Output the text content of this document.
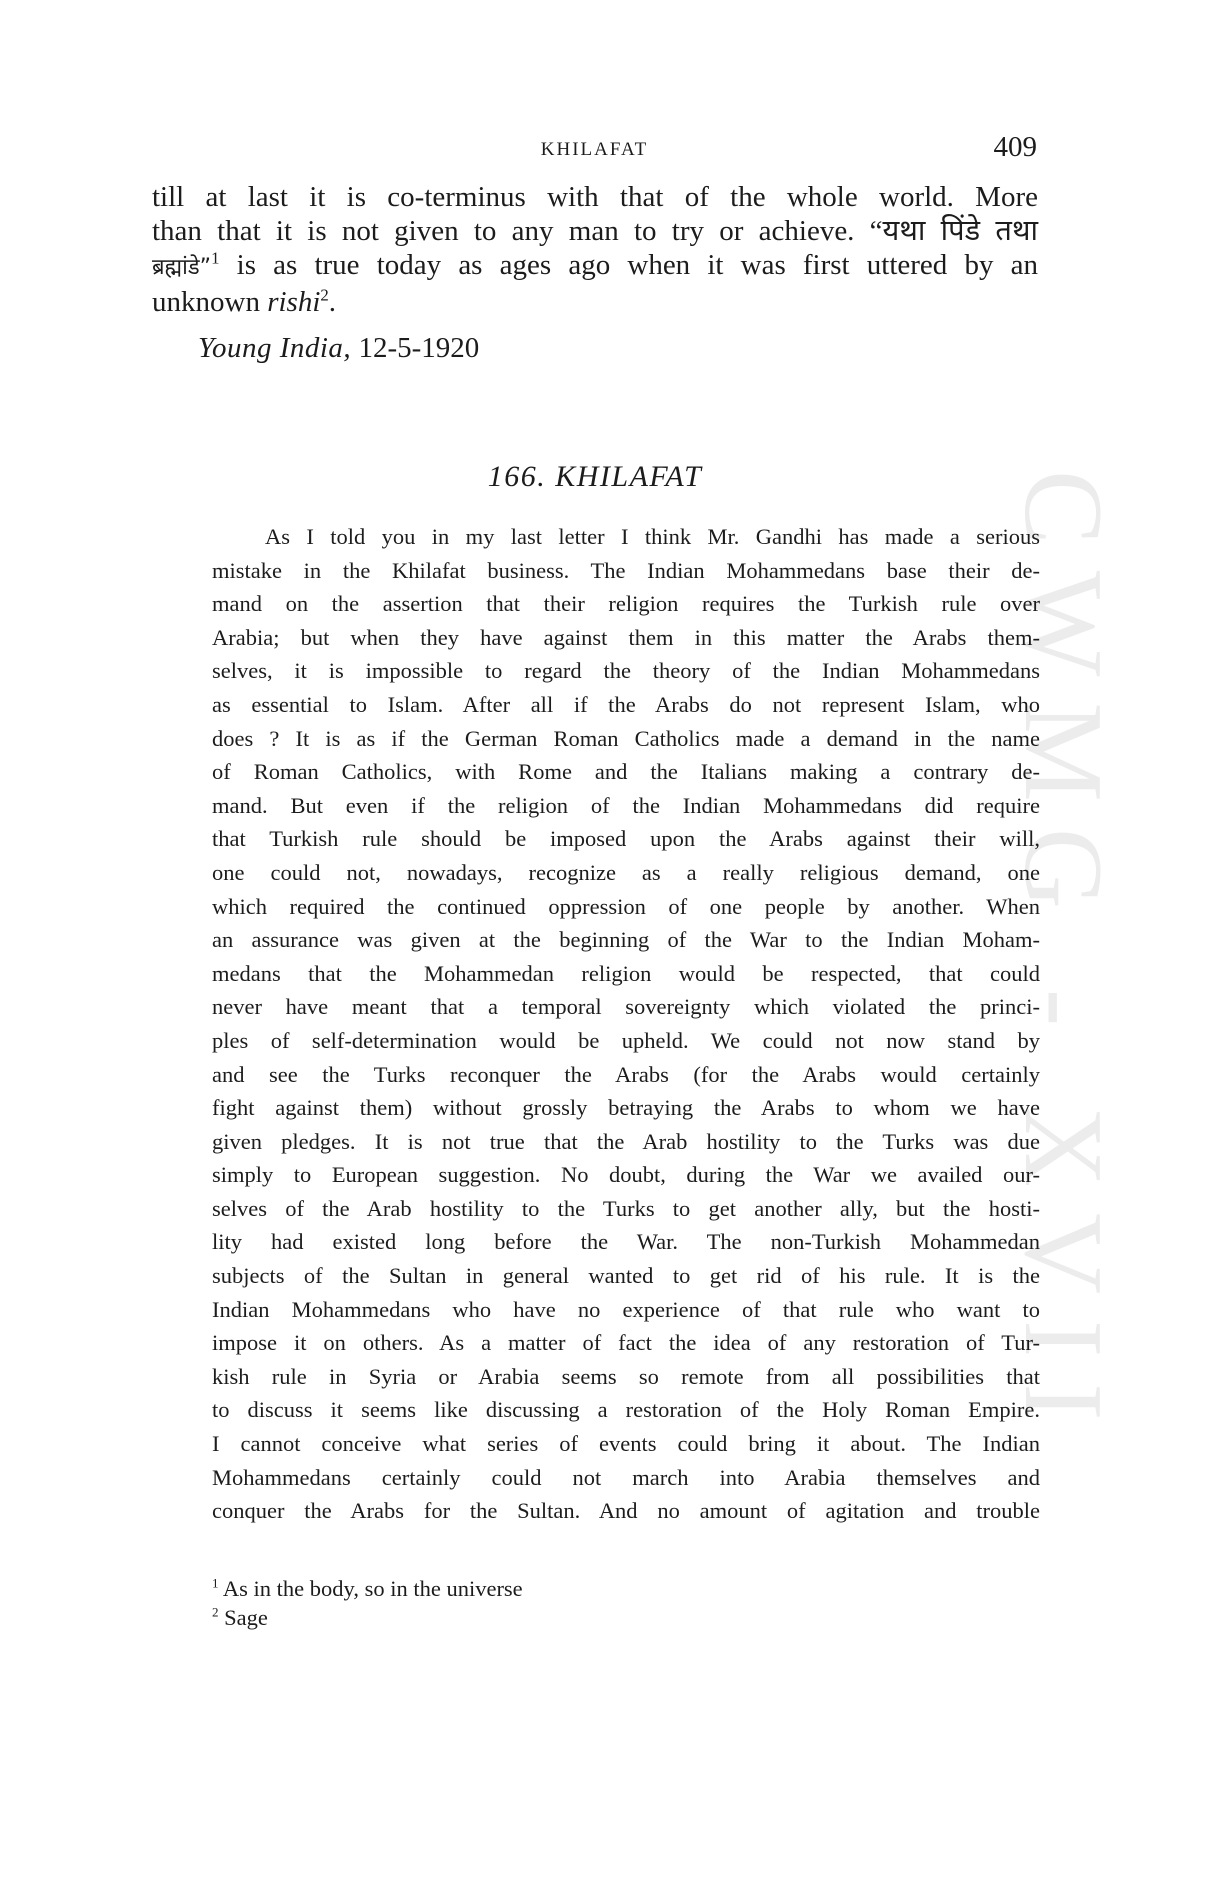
CWMG - XVII
KHILAFAT	409
till at last it is co-terminus with that of the whole world. More
than that it is not given to any man to try or achieve. “यथा पिंडे तथा
ब्रह्मांडे”$^1$ is as true today as ages ago when it was first uttered by an
unknown rishi$^2$.
Young India, 12-5-1920
166. KHILAFAT
As I told you in my last letter I think Mr. Gandhi has made a serious
mistake in the Khilafat business. The Indian Mohammedans base their de-
mand on the assertion that their religion requires the Turkish rule over
Arabia; but when they have against them in this matter the Arabs them-
selves, it is impossible to regard the theory of the Indian Mohammedans
as essential to Islam. After all if the Arabs do not represent Islam, who
does ? It is as if the German Roman Catholics made a demand in the name
of Roman Catholics, with Rome and the Italians making a contrary de-
mand. But even if the religion of the Indian Mohammedans did require
that Turkish rule should be imposed upon the Arabs against their will,
one could not, nowadays, recognize as a really religious demand, one
which required the continued oppression of one people by another. When
an assurance was given at the beginning of the War to the Indian Moham-
medans that the Mohammedan religion would be respected, that could
never have meant that a temporal sovereignty which violated the princi-
ples of self-determination would be upheld. We could not now stand by
and see the Turks reconquer the Arabs (for the Arabs would certainly
fight against them) without grossly betraying the Arabs to whom we have
given pledges. It is not true that the Arab hostility to the Turks was due
simply to European suggestion. No doubt, during the War we availed our-
selves of the Arab hostility to the Turks to get another ally, but the hosti-
lity had existed long before the War. The non-Turkish Mohammedan
subjects of the Sultan in general wanted to get rid of his rule. It is the
Indian Mohammedans who have no experience of that rule who want to
impose it on others. As a matter of fact the idea of any restoration of Tur-
kish rule in Syria or Arabia seems so remote from all possibilities that
to discuss it seems like discussing a restoration of the Holy Roman Empire.
I cannot conceive what series of events could bring it about. The Indian
Mohammedans certainly could not march into Arabia themselves and
conquer the Arabs for the Sultan. And no amount of agitation and trouble
$^1$ As in the body, so in the universe
$^2$ Sage
